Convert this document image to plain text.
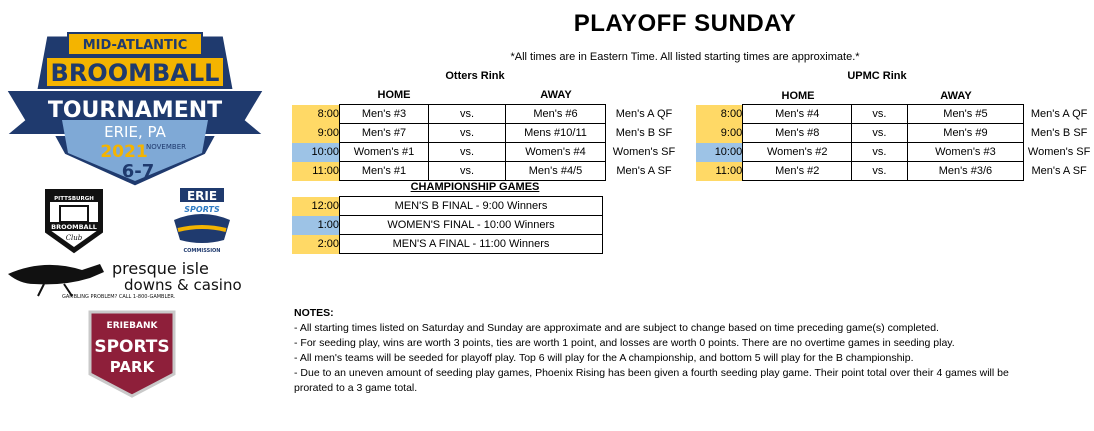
MID-ATLANTIC
BROOMBALL
TOURNAMENT
ERIE, PA
2021
NOVEMBER
6-7
PITTSBURGH
BROOMBALL
Club
ERIE
SPORTS
COMMISSION
presque isle
downs & casino
GAMBLING PROBLEM? CALL 1-800-GAMBLER.
ERIEBANK
SPORTS
PARK
PLAYOFF SUNDAY
*All times are in Eastern Time. All listed starting times are approximate.*
Otters Rink
HOME	AWAY
8:00	Men's #3	vs.	Men's #6	Men's A QF
9:00	Men's #7	vs.	Mens #10/11	Men's B SF
10:00	Women's #1	vs.	Women's #4	Women's SF
11:00	Men's #1	vs.	Men's #4/5	Men's A SF
UPMC Rink
HOME	AWAY
8:00	Men's #4	vs.	Men's #5	Men's A QF
9:00	Men's #8	vs.	Men's #9	Men's B SF
10:00	Women's #2	vs.	Women's #3	Women's SF
11:00	Men's #2	vs.	Men's #3/6	Men's A SF
CHAMPIONSHIP GAMES
12:00	MEN'S B FINAL - 9:00 Winners
1:00	WOMEN'S FINAL - 10:00 Winners
2:00	MEN'S A FINAL - 11:00 Winners
NOTES:
- All starting times listed on Saturday and Sunday are approximate and are subject to change based on time preceding game(s) completed.
- For seeding play, wins are worth 3 points, ties are worth 1 point, and losses are worth 0 points. There are no overtime games in seeding play.
- All men's teams will be seeded for playoff play. Top 6 will play for the A championship, and bottom 5 will play for the B championship.
- Due to an uneven amount of seeding play games, Phoenix Rising has been given a fourth seeding play game. Their point total over their 4 games will be prorated to a 3 game total.
